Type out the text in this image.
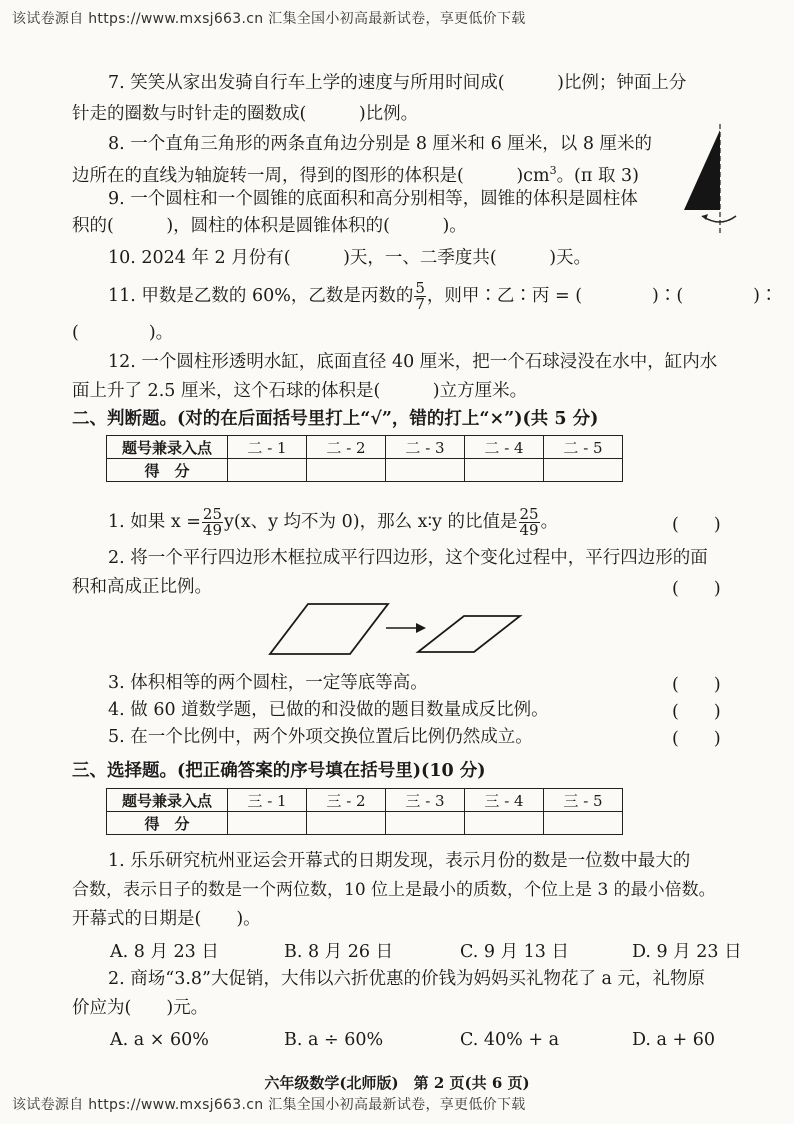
该试卷源自 https://www.mxsj663.cn 汇集全国小初高最新试卷，享更低价下载
7. 笑笑从家出发骑自行车上学的速度与所用时间成(　　　)比例；钟面上分
针走的圈数与时针走的圈数成(　　　)比例。
8. 一个直角三角形的两条直角边分别是 8 厘米和 6 厘米，以 8 厘米的
边所在的直线为轴旋转一周，得到的图形的体积是(　　　)$cm^3$。(π 取 3)
9. 一个圆柱和一个圆锥的底面积和高分别相等，圆锥的体积是圆柱体
积的(　　　)，圆柱的体积是圆锥体积的(　　　)。
10. 2024 年 2 月份有(　　　)天，一、二季度共(　　　)天。
11. 甲数是乙数的 60%，乙数是丙数的 $\frac{5}{7}$ ，则甲∶乙∶丙 = (　　　　)∶(　　　　)∶
(　　　　)。
12. 一个圆柱形透明水缸，底面直径 40 厘米，把一个石球浸没在水中，缸内水
面上升了 2.5 厘米，这个石球的体积是(　　　)立方厘米。
二、判断题。(对的在后面括号里打上“√”，错的打上“×”)(共 5 分)
题号兼录入点	二 - 1	二 - 2	二 - 3	二 - 4	二 - 5
得　分					
1. 如果 $x = \frac{25}{49} y(x$、y 均不为 0)，那么 x∶y 的比值是 $\frac{25}{49}$ 。	(　　)
2. 将一个平行四边形木框拉成平行四边形，这个变化过程中，平行四边形的面
积和高成正比例。	(　　)
3. 体积相等的两个圆柱，一定等底等高。	(　　)
4. 做 60 道数学题，已做的和没做的题目数量成反比例。	(　　)
5. 在一个比例中，两个外项交换位置后比例仍然成立。	(　　)
三、选择题。(把正确答案的序号填在括号里)(10 分)
题号兼录入点	三 - 1	三 - 2	三 - 3	三 - 4	三 - 5
得　分					
1. 乐乐研究杭州亚运会开幕式的日期发现，表示月份的数是一位数中最大的
合数，表示日子的数是一个两位数，10 位上是最小的质数，个位上是 3 的最小倍数。
开幕式的日期是(　　)。
A. 8 月 23 日	B. 8 月 26 日	C. 9 月 13 日	D. 9 月 23 日
2. 商场“3.8”大促销，大伟以六折优惠的价钱为妈妈买礼物花了 a 元，礼物原
价应为(　　)元。
A. a × 60%	B. a ÷ 60%	C. 40% + a	D. a + 60
六年级数学(北师版)　第 2 页(共 6 页)
该试卷源自 https://www.mxsj663.cn 汇集全国小初高最新试卷，享更低价下载
